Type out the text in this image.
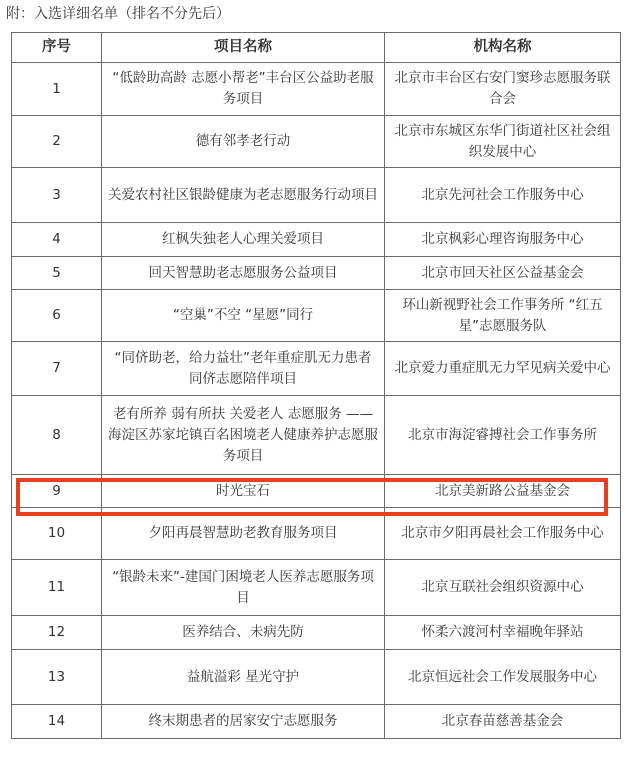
附：入选详细名单（排名不分先后）
序号	项目名称	机构名称
1	“低龄助高龄 志愿小帮老”丰台区公益助老服务项目	北京市丰台区右安门窦珍志愿服务联合会
2	德有邻孝老行动	北京市东城区东华门街道社区社会组织发展中心
3	关爱农村社区银龄健康为老志愿服务行动项目	北京先河社会工作服务中心
4	红枫失独老人心理关爱项目	北京枫彩心理咨询服务中心
5	回天智慧助老志愿服务公益项目	北京市回天社区公益基金会
6	“空巢”不空 “星愿”同行	环山新视野社会工作事务所 “红五星”志愿服务队
7	“同侪助老，给力益壮”老年重症肌无力患者同侪志愿陪伴项目	北京爱力重症肌无力罕见病关爱中心
8	老有所养 弱有所扶 关爱老人 志愿服务 ——海淀区苏家坨镇百名困境老人健康养护志愿服务项目	北京市海淀睿搏社会工作事务所
9	时光宝石	北京美新路公益基金会
10	夕阳再晨智慧助老教育服务项目	北京市夕阳再晨社会工作服务中心
11	“银龄未来”-建国门困境老人医养志愿服务项目	北京互联社会组织资源中心
12	医养结合、未病先防	怀柔六渡河村幸福晚年驿站
13	益航溢彩 星光守护	北京恒远社会工作发展服务中心
14	终末期患者的居家安宁志愿服务	北京春苗慈善基金会
